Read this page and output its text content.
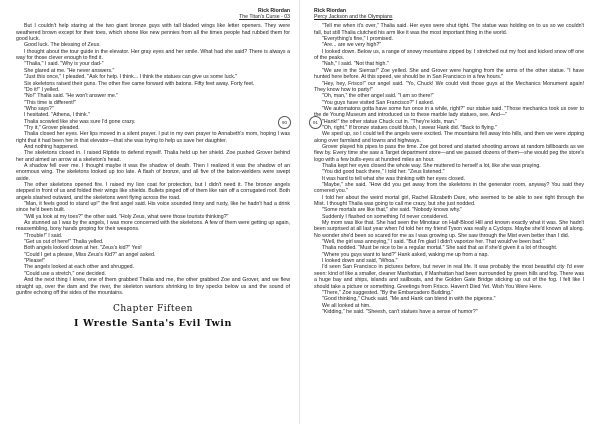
Rick Riordan
The Titan's Curse - 03

But I couldn't help staring at the two giant bronze guys with tall bladed wings like letter openers. They were weathered brown except for their toes, which shone like new pennies from all the times people had rubbed them for good luck.

Good luck. The blessing of Zeus.

I thought about the tour guide in the elevator. Her gray eyes and her smile. What had she said? There is always a way for those clever enough to find it.

"Thalia," I said. "Why is your dad-"

She glared at me. "He never answers."

"Just this once," I pleaded. "Ask for help. I think... I think the statues can give us some luck."

Six skeletons raised their guns. The other five came forward with batons. Fifty feet away. Forty feet.

"Do it!" I yelled.

"No!" Thalia said. "He won't answer me."

"This time is different!"

"Who says?"

I hesitated. "Athena, I think."

Thalia scowled like she was sure I'd gone crazy.

"Try it," Grover pleaded.

Thalia closed her eyes. Her lips moved in a silent prayer. I put in my own prayer to Annabeth's mom, hoping I was right that it had been her in that elevator—that she was trying to help us save her daughter.

And nothing happened.

The skeletons closed in. I raised Riptide to defend myself. Thalia held up her shield. Zoe pushed Grover behind her and aimed an arrow at a skeleton's head.

A shadow fell over me. I thought maybe it was the shadow of death. Then I realized it was the shadow of an enormous wing. The skeletons looked up too late. A flash of bronze, and all five of the baton-wielders were swept aside.

The other skeletons opened fire. I raised my lion coat for protection, but I didn't need it. The bronze angels stepped in front of us and folded their wings like shields. Bullets pinged off of them like rain off a corrugated roof. Both angels slashed outward, and the skeletons went flying across the road.

"Man, it feels good to stand up!" the first angel said. His voice sounded tinny and rusty, like he hadn't had a drink since he'd been built.

"Will ya look at my toes?" the other said. "Holy Zeus, what were those tourists thinking?"

As stunned as I was by the angels, I was more concerned with the skeletons. A few of them were getting up again, reassembling, bony hands groping for their weapons.

"Trouble!" I said.

"Get us out of here!" Thalia yelled.

Both angels looked down at her. "Zeus's kid?" Yes!

"Could I get a please, Miss Zeus's Kid?" an angel asked.

"Please!"

The angels looked at each other and shrugged.

"Could use a stretch," one decided.

And the next thing I knew, one of them grabbed Thalia and me, the other grabbed Zoe and Grover, and we flew straight up, over the dam and the river, the skeleton warriors shrinking to tiny specks below us and the sound of gunfire echoing off the sides of the mountains.

Chapter Fifteen
I Wrestle Santa's Evil Twin
90	91
Rick Riordan
Percy Jackson and the Olympians

"Tell me when it's over," Thalia said. Her eyes were shut tight. The statue was holding on to us so we couldn't fall, but still Thalia clutched his arm like it was the most important thing in the world.

"Everything's fine," I promised.

"Are... are we very high?"

I looked down. Below us, a range of snowy mountains zipped by. I stretched out my foot and kicked snow off one of the peaks.

"Nah," I said. "Not that high."

"We are in the Sierras!" Zoe yelled. She and Grover were hanging from the arms of the other statue. "I have hunted here before. At this speed, we should be in San Francisco in a few hours."

"Hey, hey, Frisco!" our angel said. "Yo, Chuck! We could visit those guys at the Mechanics Monument again! They know how to party!"

"Oh, man," the other angel said. "I am so there!"

"You guys have visited San Francisco?" I asked.

"We automatons gotta have some fun once in a while, right?" our statue said. "Those mechanics took us over to the de Young Museum and introduced us to these marble lady statues, see. And—"

"Hank!" the other statue Chuck cut in. "They're kids, man."

"Oh, right." If bronze statues could blush, I swear Hank did. "Back to flying."

We sped up, so I could tell the angels were excited. The mountains fell away into hills, and then we were zipping along over farmland and towns and highways.

Grover played his pipes to pass the time. Zoe got bored and started shooting arrows at random billboards as we flew by. Every time she saw a Target department store—and we passed dozens of them—she would peg the store's logo with a few bulls-eyes at hundred miles an hour.

Thalia kept her eyes closed the whole way. She muttered to herself a lot, like she was praying.

"You did good back there," I told her. "Zeus listened."

It was hard to tell what she was thinking with her eyes closed.

"Maybe," she said. "How did you get away from the skeletons in the generator room, anyway? You said they cornered you."

I told her about the weird mortal girl, Rachel Elizabeth Dare, who seemed to be able to see right through the Mist. I thought Thalia was going to call me crazy, but she just nodded.

"Some mortals are like that," she said. "Nobody knows why."

Suddenly I flashed on something I'd never considered.

My mom was like that. She had seen the Minotaur on Half-Blood Hill and known exactly what it was. She hadn't been surprised at all last year when I'd told her my friend Tyson was really a Cyclops. Maybe she'd known all along. No wonder she'd been so scared for me as I was growing up. She saw through the Mist even better than I did.

"Well, the girl was annoying," I said. "But I'm glad I didn't vaporize her. That would've been bad."

Thalia nodded. "Must be nice to be a regular mortal." She said that as if she'd given it a lot of thought.

"Where you guys want to land?" Hank asked, waking me up from a nap.

I looked down and said, "Whoa."

I'd seen San Francisco in pictures before, but never in real life. It was probably the most beautiful city I'd ever seen: kind of like a smaller, cleaner Manhattan, if Manhattan had been surrounded by green hills and fog. There was a huge bay and ships, islands and sailboats, and the Golden Gate Bridge sticking up out of the fog. I felt like I should take a picture or something. Greetings from Frisco. Haven't Died Yet. Wish You Were Here.

"There," Zoe suggested. "By the Embarcadero Building."

"Good thinking," Chuck said. "Me and Hank can blend in with the pigeons."

We all looked at him.

"Kidding," he said. "Sheesh, can't statues have a sense of humor?"
